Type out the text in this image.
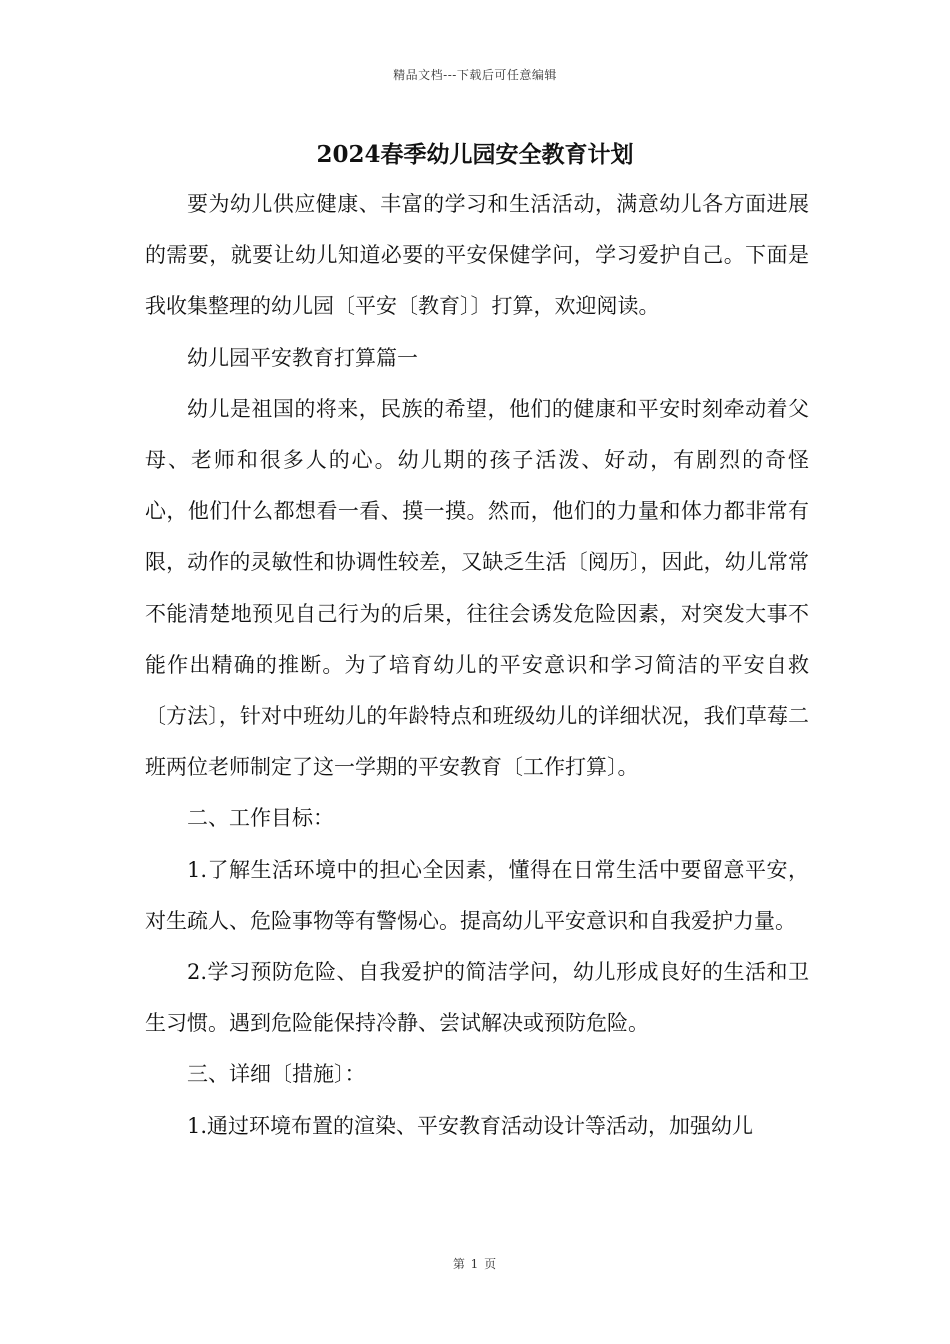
精品文档---下载后可任意编辑
2024春季幼儿园安全教育计划

要为幼儿供应健康、丰富的学习和生活活动，满意幼儿各方面进展的需要，就要让幼儿知道必要的平安保健学问，学习爱护自己。下面是我收集整理的幼儿园〔平安〔教育〕〕打算，欢迎阅读。

幼儿园平安教育打算篇一

幼儿是祖国的将来，民族的希望，他们的健康和平安时刻牵动着父母、老师和很多人的心。幼儿期的孩子活泼、好动，有剧烈的奇怪　　心，他们什么都想看一看、摸一摸。然而，他们的力量和体力都非常有限，动作的灵敏性和协调性较差，又缺乏生活〔阅历〕，因此，幼儿常常不能清楚地预见自己行为的后果，往往会诱发危险因素，对突发大事不能作出精确的推断。为了培育幼儿的平安意识和学习简洁的平安自救〔方法〕，针对中班幼儿的年龄特点和班级幼儿的详细状况，我们草莓二班两位老师制定了这一学期的平安教育〔工作打算〕。

二、工作目标：

1.了解生活环境中的担心全因素，懂得在日常生活中要留意平安，对生疏人、危险事物等有警惕心。提高幼儿平安意识和自我爱护力量。

2.学习预防危险、自我爱护的简洁学问，幼儿形成良好的生活和卫生习惯。遇到危险能保持冷静、尝试解决或预防危险。

三、详细〔措施〕：

1.通过环境布置的渲染、平安教育活动设计等活动，加强幼儿

第 1 页
